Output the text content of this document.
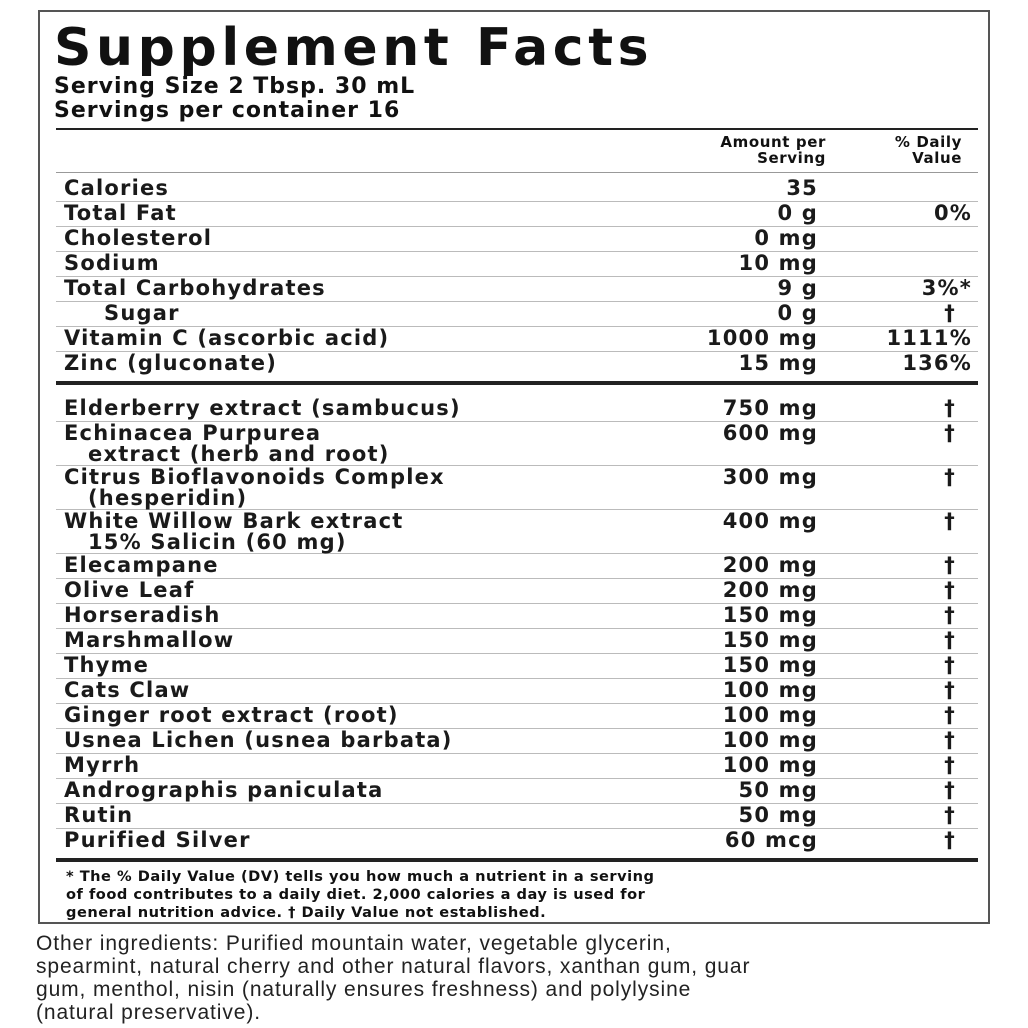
Supplement Facts
Serving Size 2 Tbsp. 30 mL
Servings per container 16
Amount per
Serving
% Daily
Value
Calories	35
Total Fat	0 g	0%
Cholesterol	0 mg
Sodium	10 mg
Total Carbohydrates	9 g	3%*
Sugar	0 g	†
Vitamin C (ascorbic acid)	1000 mg	1111%
Zinc (gluconate)	15 mg	136%
Elderberry extract (sambucus)	750 mg	†
Echinacea Purpurea
extract (herb and root)
600 mg	†
Citrus Bioflavonoids Complex
(hesperidin)
300 mg	†
White Willow Bark extract
15% Salicin (60 mg)
400 mg	†
Elecampane	200 mg	†
Olive Leaf	200 mg	†
Horseradish	150 mg	†
Marshmallow	150 mg	†
Thyme	150 mg	†
Cats Claw	100 mg	†
Ginger root extract (root)	100 mg	†
Usnea Lichen (usnea barbata)	100 mg	†
Myrrh	100 mg	†
Andrographis paniculata	50 mg	†
Rutin	50 mg	†
Purified Silver	60 mcg	†
* The % Daily Value (DV) tells you how much a nutrient in a serving
of food contributes to a daily diet. 2,000 calories a day is used for
general nutrition advice. † Daily Value not established.
Other ingredients: Purified mountain water, vegetable glycerin,
spearmint, natural cherry and other natural flavors, xanthan gum, guar
gum, menthol, nisin (naturally ensures freshness) and polylysine
(natural preservative).
